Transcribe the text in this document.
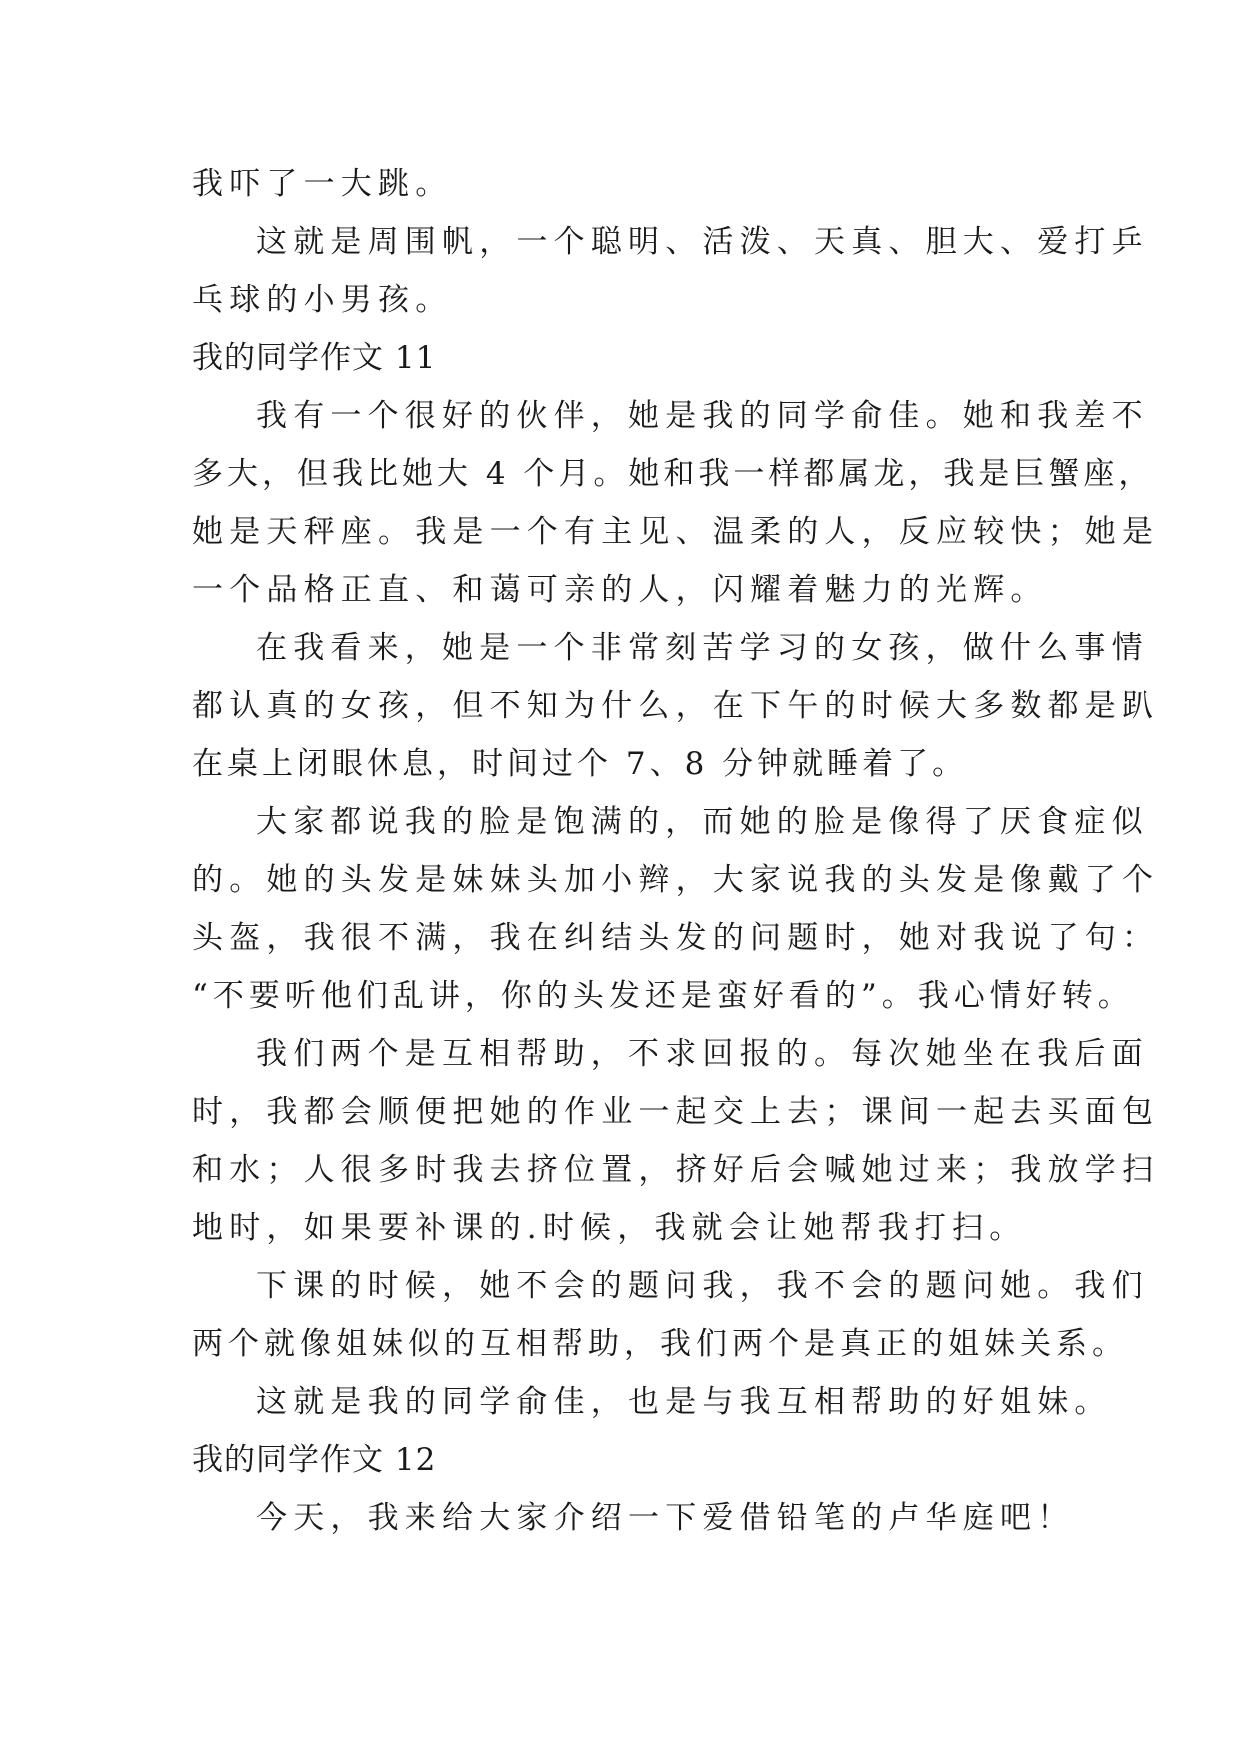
我吓了一大跳。
这就是周围帆，一个聪明、活泼、天真、胆大、爱打乒
乓球的小男孩。
我的同学作文 11
我有一个很好的伙伴，她是我的同学俞佳。她和我差不
多大，但我比她大 4 个月。她和我一样都属龙，我是巨蟹座，
她是天秤座。我是一个有主见、温柔的人，反应较快；她是
一个品格正直、和蔼可亲的人，闪耀着魅力的光辉。
在我看来，她是一个非常刻苦学习的女孩，做什么事情
都认真的女孩，但不知为什么，在下午的时候大多数都是趴
在桌上闭眼休息，时间过个 7、8 分钟就睡着了。
大家都说我的脸是饱满的，而她的脸是像得了厌食症似
的。她的头发是妹妹头加小辫，大家说我的头发是像戴了个
头盔，我很不满，我在纠结头发的问题时，她对我说了句：
“不要听他们乱讲，你的头发还是蛮好看的”。我心情好转。
我们两个是互相帮助，不求回报的。每次她坐在我后面
时，我都会顺便把她的作业一起交上去；课间一起去买面包
和水；人很多时我去挤位置，挤好后会喊她过来；我放学扫
地时，如果要补课的.时候，我就会让她帮我打扫。
下课的时候，她不会的题问我，我不会的题问她。我们
两个就像姐妹似的互相帮助，我们两个是真正的姐妹关系。
这就是我的同学俞佳，也是与我互相帮助的好姐妹。
我的同学作文 12
今天，我来给大家介绍一下爱借铅笔的卢华庭吧！
